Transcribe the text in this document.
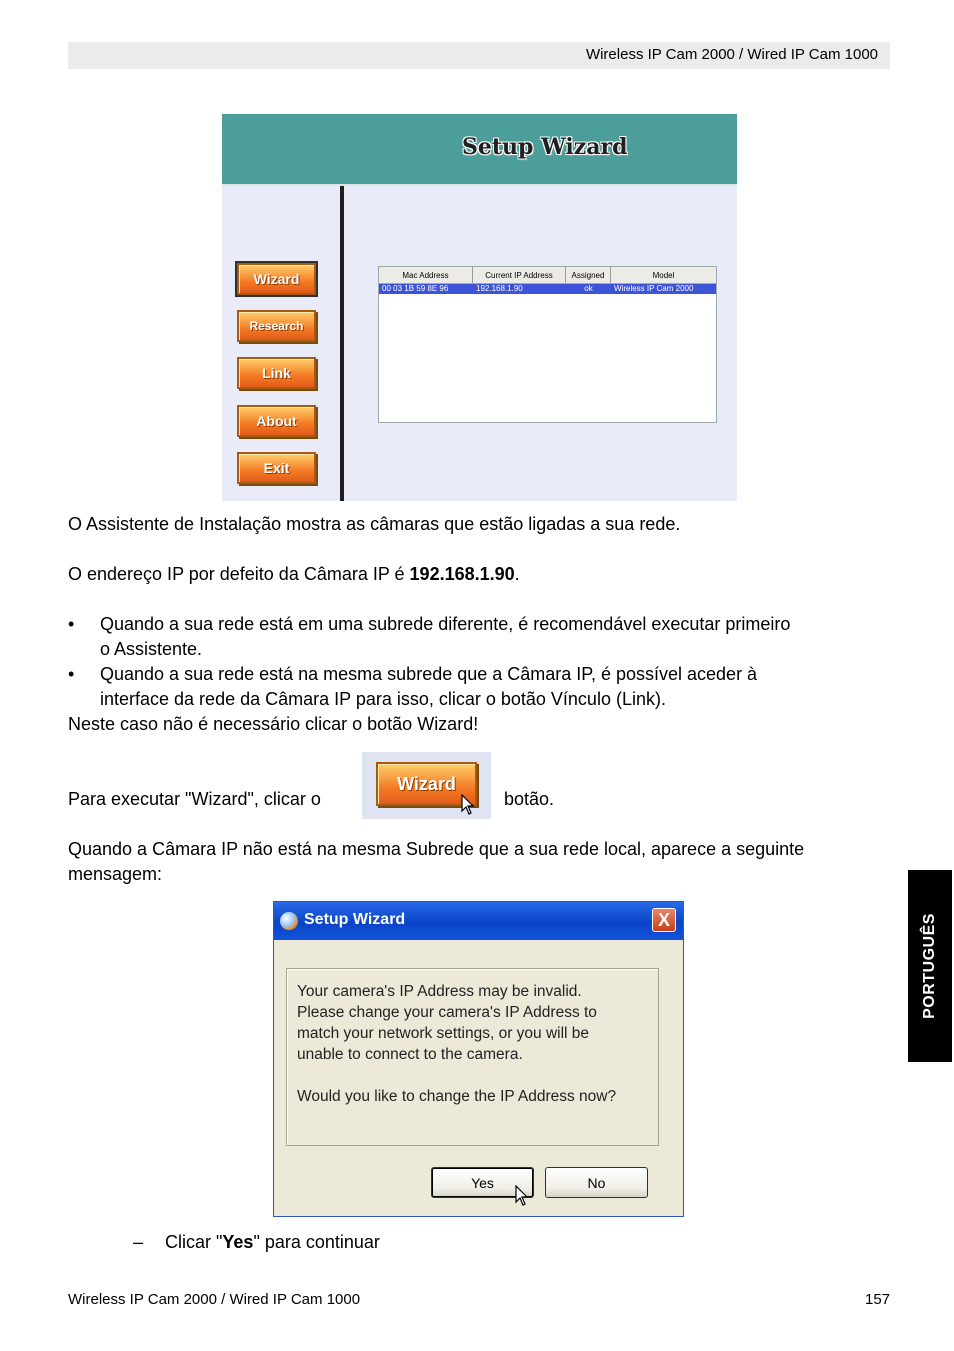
Wireless IP Cam 2000 / Wired IP Cam 1000
Setup Wizard
Wizard
Research
Link
About
Exit
Mac Address	Current IP Address	Assigned	Model
00 03 1B 59 8E 96	192.168.1.90	ok	Wireless IP Cam 2000
O Assistente de Instalação mostra as câmaras que estão ligadas a sua rede.
O endereço IP por defeito da Câmara IP é 192.168.1.90.
• Quando a sua rede está em uma subrede diferente, é recomendável executar primeiro
o Assistente.
• Quando a sua rede está na mesma subrede que a Câmara IP, é possível aceder à
interface da rede da Câmara IP para isso, clicar o botão Vínculo (Link).
Neste caso não é necessário clicar o botão Wizard!
Para executar "Wizard", clicar o
Wizard
botão.
Quando a Câmara IP não está na mesma Subrede que a sua rede local, aparece a seguinte
mensagem:
Setup Wizard	X
Your camera's IP Address may be invalid.
Please change your camera's IP Address to
match your network settings, or you will be
unable to connect to the camera.
Would you like to change the IP Address now?
Yes	No
– Clicar "Yes" para continuar
Wireless IP Cam 2000 / Wired IP Cam 1000	157
PORTUGUÊS
